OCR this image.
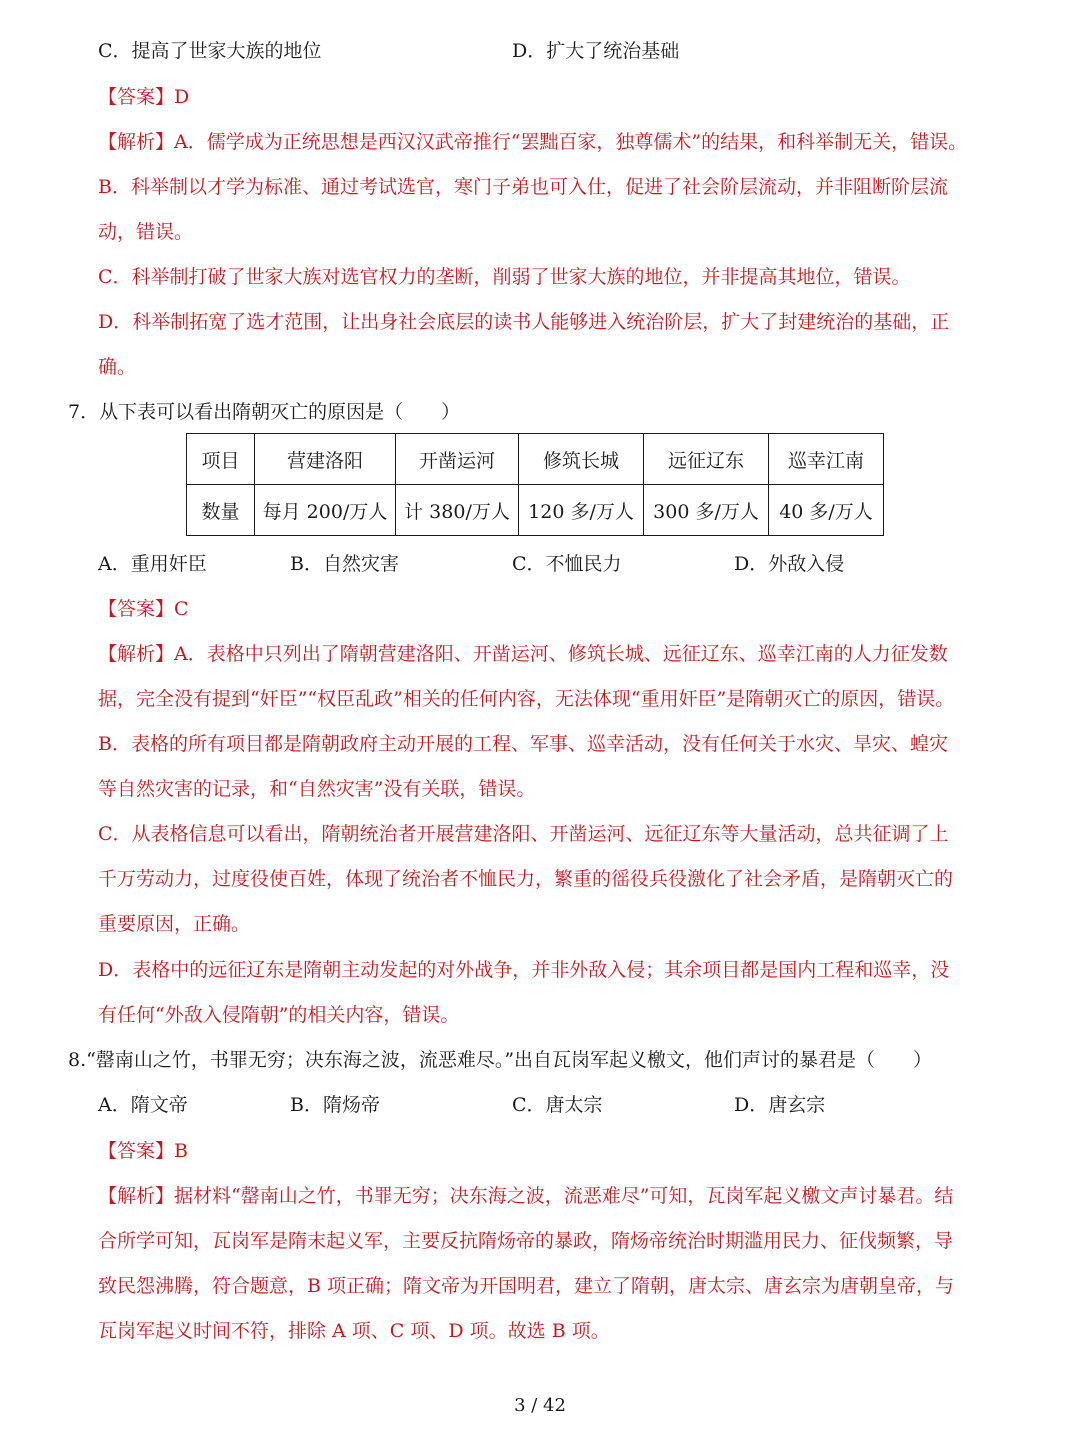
C．提高了世家大族的地位	D．扩大了统治基础
【答案】D
【解析】A．儒学成为正统思想是西汉汉武帝推行“罢黜百家，独尊儒术”的结果，和科举制无关，错误。
B．科举制以才学为标准、通过考试选官，寒门子弟也可入仕，促进了社会阶层流动，并非阻断阶层流
动，错误。
C．科举制打破了世家大族对选官权力的垄断，削弱了世家大族的地位，并非提高其地位，错误。
D．科举制拓宽了选才范围，让出身社会底层的读书人能够进入统治阶层，扩大了封建统治的基础，正
确。
7．从下表可以看出隋朝灭亡的原因是（　　）
项目	营建洛阳	开凿运河	修筑长城	远征辽东	巡幸江南
数量	每月 200/万人	计 380/万人	120 多/万人	300 多/万人	40 多/万人
A．重用奸臣	B．自然灾害	C．不恤民力	D．外敌入侵
【答案】C
【解析】A．表格中只列出了隋朝营建洛阳、开凿运河、修筑长城、远征辽东、巡幸江南的人力征发数
据，完全没有提到“奸臣”“权臣乱政”相关的任何内容，无法体现“重用奸臣”是隋朝灭亡的原因，错误。
B．表格的所有项目都是隋朝政府主动开展的工程、军事、巡幸活动，没有任何关于水灾、旱灾、蝗灾
等自然灾害的记录，和“自然灾害”没有关联，错误。
C．从表格信息可以看出，隋朝统治者开展营建洛阳、开凿运河、远征辽东等大量活动，总共征调了上
千万劳动力，过度役使百姓，体现了统治者不恤民力，繁重的徭役兵役激化了社会矛盾，是隋朝灭亡的
重要原因，正确。
D．表格中的远征辽东是隋朝主动发起的对外战争，并非外敌入侵；其余项目都是国内工程和巡幸，没
有任何“外敌入侵隋朝”的相关内容，错误。
8.“罄南山之竹，书罪无穷；决东海之波，流恶难尽。”出自瓦岗军起义檄文，他们声讨的暴君是（　　）
A．隋文帝	B．隋炀帝	C．唐太宗	D．唐玄宗
【答案】B
【解析】据材料“罄南山之竹，书罪无穷；决东海之波，流恶难尽”可知，瓦岗军起义檄文声讨暴君。结
合所学可知，瓦岗军是隋末起义军，主要反抗隋炀帝的暴政，隋炀帝统治时期滥用民力、征伐频繁，导
致民怨沸腾，符合题意，B 项正确；隋文帝为开国明君，建立了隋朝，唐太宗、唐玄宗为唐朝皇帝，与
瓦岗军起义时间不符，排除 A 项、C 项、D 项。故选 B 项。
3 / 42
